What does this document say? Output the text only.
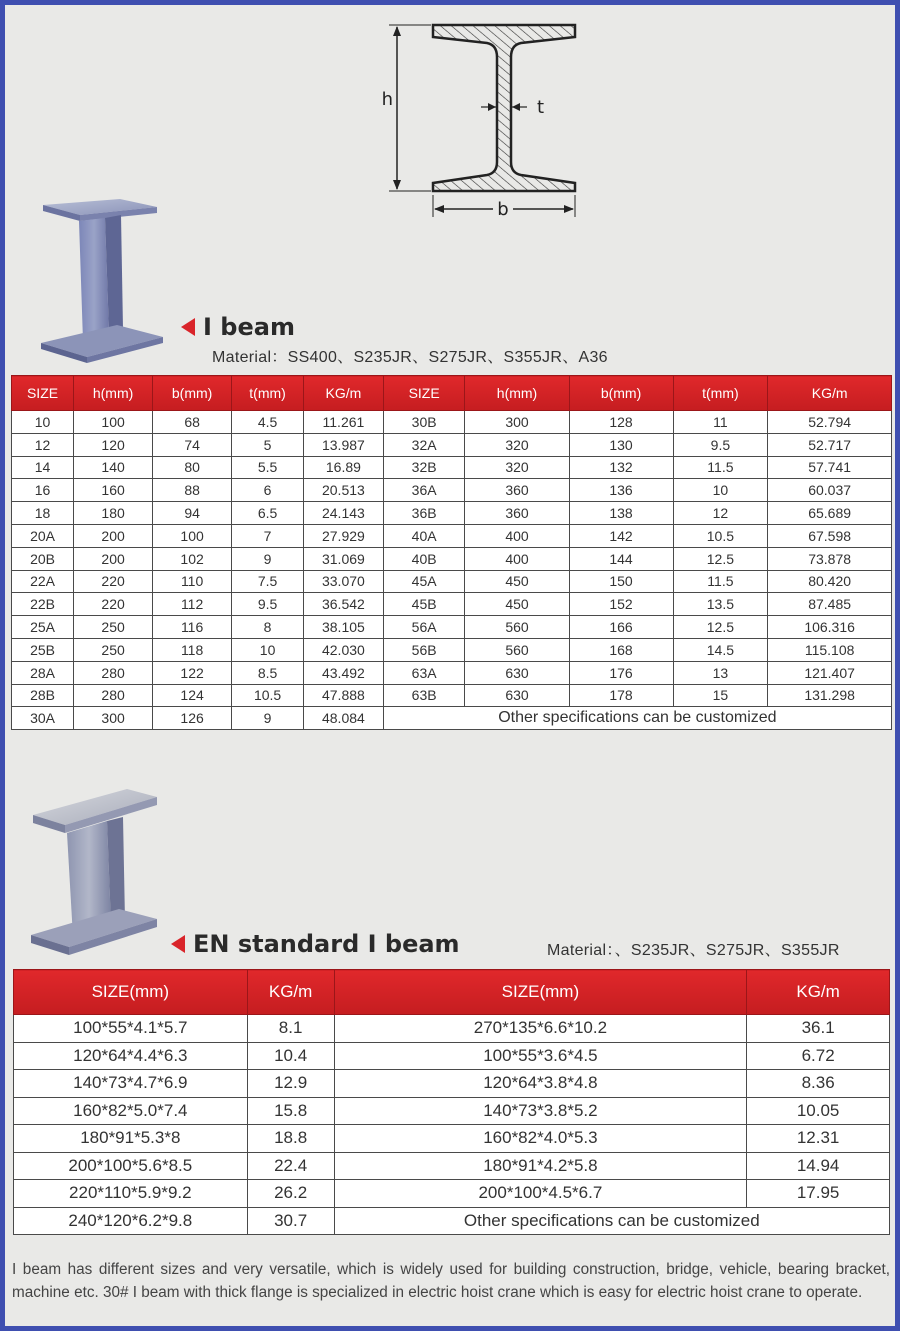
h	t
b
I beam
Material：SS400、S235JR、S275JR、S355JR、A36
SIZE	h(mm)	b(mm)	t(mm)	KG/m	SIZE	h(mm)	b(mm)	t(mm)	KG/m
10	100	68	4.5	11.261	30B	300	128	11	52.794
12	120	74	5	13.987	32A	320	130	9.5	52.717
14	140	80	5.5	16.89	32B	320	132	11.5	57.741
16	160	88	6	20.513	36A	360	136	10	60.037
18	180	94	6.5	24.143	36B	360	138	12	65.689
20A	200	100	7	27.929	40A	400	142	10.5	67.598
20B	200	102	9	31.069	40B	400	144	12.5	73.878
22A	220	110	7.5	33.070	45A	450	150	11.5	80.420
22B	220	112	9.5	36.542	45B	450	152	13.5	87.485
25A	250	116	8	38.105	56A	560	166	12.5	106.316
25B	250	118	10	42.030	56B	560	168	14.5	115.108
28A	280	122	8.5	43.492	63A	630	176	13	121.407
28B	280	124	10.5	47.888	63B	630	178	15	131.298
30A	300	126	9	48.084	Other specifications can be customized				
EN standard I beam	Material：、S235JR、S275JR、S355JR
SIZE(mm)	KG/m	SIZE(mm)	KG/m
100*55*4.1*5.7	8.1	270*135*6.6*10.2	36.1
120*64*4.4*6.3	10.4	100*55*3.6*4.5	6.72
140*73*4.7*6.9	12.9	120*64*3.8*4.8	8.36
160*82*5.0*7.4	15.8	140*73*3.8*5.2	10.05
180*91*5.3*8	18.8	160*82*4.0*5.3	12.31
200*100*5.6*8.5	22.4	180*91*4.2*5.8	14.94
220*110*5.9*9.2	26.2	200*100*4.5*6.7	17.95
240*120*6.2*9.8	30.7	Other specifications can be customized	
I beam has different sizes and very versatile, which is widely used for building construction, bridge, vehicle, bearing bracket, machine etc. 30# I beam with thick flange is specialized in electric hoist crane which is easy for electric hoist crane to operate.
